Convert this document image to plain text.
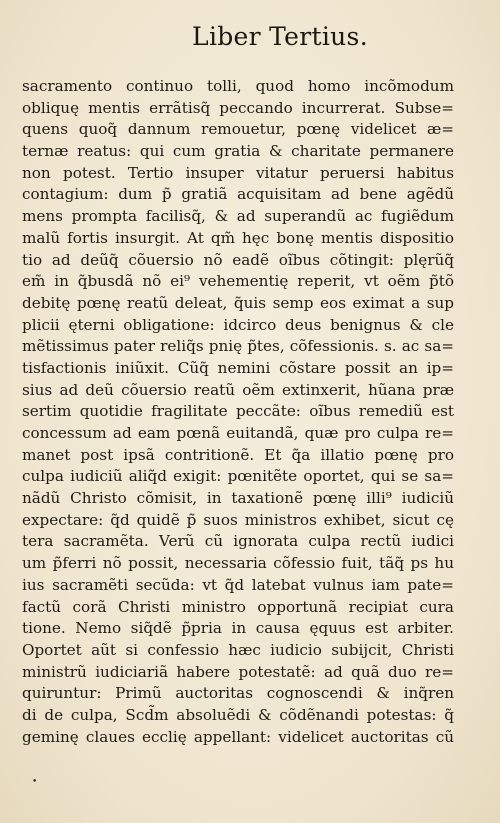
Liber Tertius.
sacramento continuo tolli, quod homo incõmodum
obliquę mentis errãtisq̃ peccando incurrerat. Subse=
quens quoq̃ dannum remouetur, pœnę videlicet æ=
ternæ reatus: qui cum gratia & charitate permanere
non potest. Tertio insuper vitatur peruersi habitus
contagium: dum p̃ gratiã acquisitam ad bene agẽdũ
mens prompta facilisq̃, & ad superandũ ac fugiẽdum
malũ fortis insurgit. At qm̃ hęc bonę mentis dispositio
tio ad deũq̃ cõuersio nõ eadẽ oĩbus cõtingit: plęrũq̃
em̃ in q̃busdã nõ ei⁹ vehementię reperit, vt oẽm p̃tõ
debitę pœnę reatũ deleat, q̃uis semp eos eximat a sup
plicii ęterni obligatione: idcirco deus benignus & cle
mẽtissimus pater reliq̃s pnię p̃tes, cõfessionis. s. ac sa=
tisfactionis iniũxit. Cũq̃ nemini cõstare possit an ip=
sius ad deũ cõuersio reatũ oẽm extinxerit, hũana præ
sertim quotidie fragilitate peccãte: oĩbus remediũ est
concessum ad eam pœnã euitandã, quæ pro culpa re=
manet post ipsã contritionẽ. Et q̃a illatio pœnę pro
culpa iudiciũ aliq̃d exigit: pœnitẽte oportet, qui se sa=
nãdũ Christo cõmisit, in taxationẽ pœnę illi⁹ iudiciũ
expectare: q̃d quidẽ p̃ suos ministros exhibet, sicut cę
tera sacramẽta. Verũ cũ ignorata culpa rectũ iudici
um p̃ferri nõ possit, necessaria cõfessio fuit, tãq̃ ps hu
ius sacramẽti secũda: vt q̃d latebat vulnus iam pate=
factũ corã Christi ministro opportunã recipiat cura
tione. Nemo siq̃dẽ p̃pria in causa ęquus est arbiter.
Oportet aũt si confessio hæc iudicio subijcit, Christi
ministrũ iudiciariã habere potestatẽ: ad quã duo re=
quiruntur: Primũ auctoritas cognoscendi & inq̃ren
di de culpa, Scd̃m absoluẽdi & cõdẽnandi potestas: q̃
geminę claues ecclię appellant: videlicet auctoritas cũ
•
